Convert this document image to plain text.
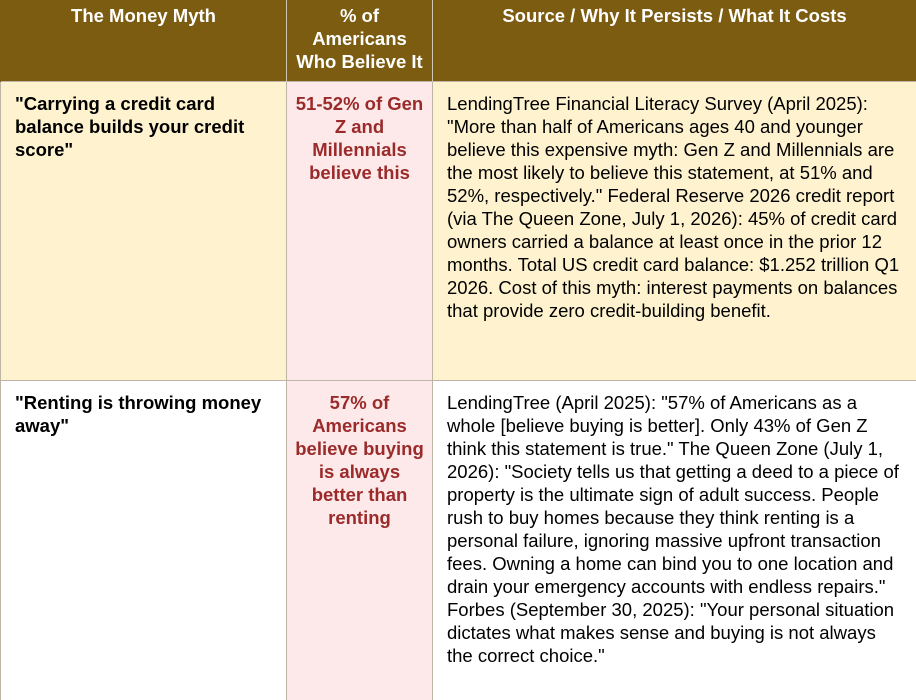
The Money Myth	% of Americans Who Believe It	Source / Why It Persists / What It Costs
"Carrying a credit card balance builds your credit score"	51-52% of Gen Z and Millennials believe this	LendingTree Financial Literacy Survey (April 2025): "More than half of Americans ages 40 and younger believe this expensive myth: Gen Z and Millennials are the most likely to believe this statement, at 51% and 52%, respectively." Federal Reserve 2026 credit report (via The Queen Zone, July 1, 2026): 45% of credit card owners carried a balance at least once in the prior 12 months. Total US credit card balance: $1.252 trillion Q1 2026. Cost of this myth: interest payments on balances that provide zero credit-building benefit.
"Renting is throwing money away"	57% of Americans believe buying is always better than renting	LendingTree (April 2025): "57% of Americans as a whole [believe buying is better]. Only 43% of Gen Z think this statement is true." The Queen Zone (July 1, 2026): "Society tells us that getting a deed to a piece of property is the ultimate sign of adult success. People rush to buy homes because they think renting is a personal failure, ignoring massive upfront transaction fees. Owning a home can bind you to one location and drain your emergency accounts with endless repairs." Forbes (September 30, 2025): "Your personal situation dictates what makes sense and buying is not always the correct choice."
